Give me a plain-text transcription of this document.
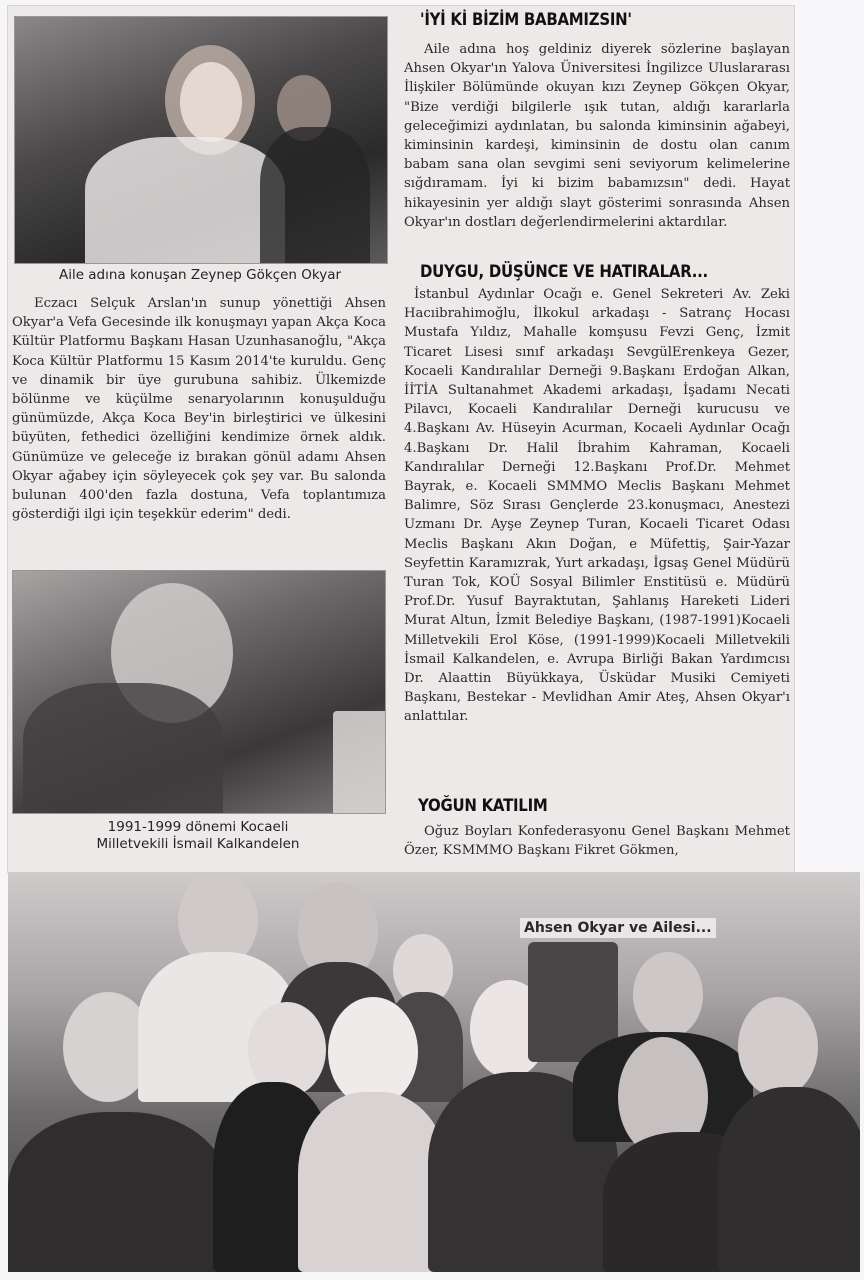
Aile adına konuşan Zeynep Gökçen Okyar

Eczacı Selçuk Arslan'ın sunup yönettiği Ahsen Okyar'a Vefa Gecesinde ilk konuşmayı yapan Akça Koca Kültür Platformu Başkanı Hasan Uzunhasanoğlu, "Akça Koca Kültür Platformu 15 Kasım 2014'te kuruldu. Genç ve dinamik bir üye gurubuna sahibiz. Ülkemizde bölünme ve küçülme senaryolarının konuşulduğu günümüzde, Akça Koca Bey'in birleştirici ve ülkesini büyüten, fethedici özelliğini kendimize örnek aldık. Günümüze ve geleceğe iz bırakan gönül adamı Ahsen Okyar ağabey için söyleyecek çok şey var. Bu salonda bulunan 400'den fazla dostuna, Vefa toplantımıza gösterdiği ilgi için teşekkür ederim" dedi.

1991-1999 dönemi Kocaeli
Milletvekili İsmail Kalkandelen
'İYİ Kİ BİZİM BABAMIZSIN'

Aile adına hoş geldiniz diyerek sözlerine başlayan Ahsen Okyar'ın Yalova Üniversitesi İngilizce Uluslararası İlişkiler Bölümünde okuyan kızı Zeynep Gökçen Okyar, "Bize verdiği bilgilerle ışık tutan, aldığı kararlarla geleceğimizi aydınlatan, bu salonda kiminsinin ağabeyi, kiminsinin kardeşi, kiminsinin de dostu olan canım babam sana olan sevgimi seni seviyorum kelimelerine sığdıramam. İyi ki bizim babamızsın" dedi. Hayat hikayesinin yer aldığı slayt gösterimi sonrasında Ahsen Okyar'ın dostları değerlendirmelerini aktardılar.

DUYGU, DÜŞÜNCE VE HATIRALAR...

İstanbul Aydınlar Ocağı e. Genel Sekreteri Av. Zeki Hacıibrahimoğlu, İlkokul arkadaşı - Satranç Hocası Mustafa Yıldız, Mahalle komşusu Fevzi Genç, İzmit Ticaret Lisesi sınıf arkadaşı SevgülErenkeya Gezer, Kocaeli Kandıralılar Derneği 9.Başkanı Erdoğan Alkan, İİTİA Sultanahmet Akademi arkadaşı, İşadamı Necati Pilavcı, Kocaeli Kandıralılar Derneği kurucusu ve 4.Başkanı Av. Hüseyin Acurman, Kocaeli Aydınlar Ocağı 4.Başkanı Dr. Halil İbrahim Kahraman, Kocaeli Kandıralılar Derneği 12.Başkanı Prof.Dr. Mehmet Bayrak, e. Kocaeli SMMMO Meclis Başkanı Mehmet Balimre, Söz Sırası Gençlerde 23.konuşmacı, Anestezi Uzmanı Dr. Ayşe Zeynep Turan, Kocaeli Ticaret Odası Meclis Başkanı Akın Doğan, e Müfettiş, Şair-Yazar Seyfettin Karamızrak, Yurt arkadaşı, İgsaş Genel Müdürü Turan Tok, KOÜ Sosyal Bilimler Enstitüsü e. Müdürü Prof.Dr. Yusuf Bayraktutan, Şahlanış Hareketi Lideri Murat Altun, İzmit Belediye Başkanı, (1987-1991)Kocaeli Milletvekili Erol Köse, (1991-1999)Kocaeli Milletvekili İsmail Kalkandelen, e. Avrupa Birliği Bakan Yardımcısı Dr. Alaattin Büyükkaya, Üsküdar Musiki Cemiyeti Başkanı, Bestekar - Mevlidhan Amir Ateş, Ahsen Okyar'ı anlattılar.

YOĞUN KATILIM

Oğuz Boyları Konfederasyonu Genel Başkanı Mehmet Özer, KSMMMO Başkanı Fikret Gökmen,

Ahsen Okyar ve Ailesi...
